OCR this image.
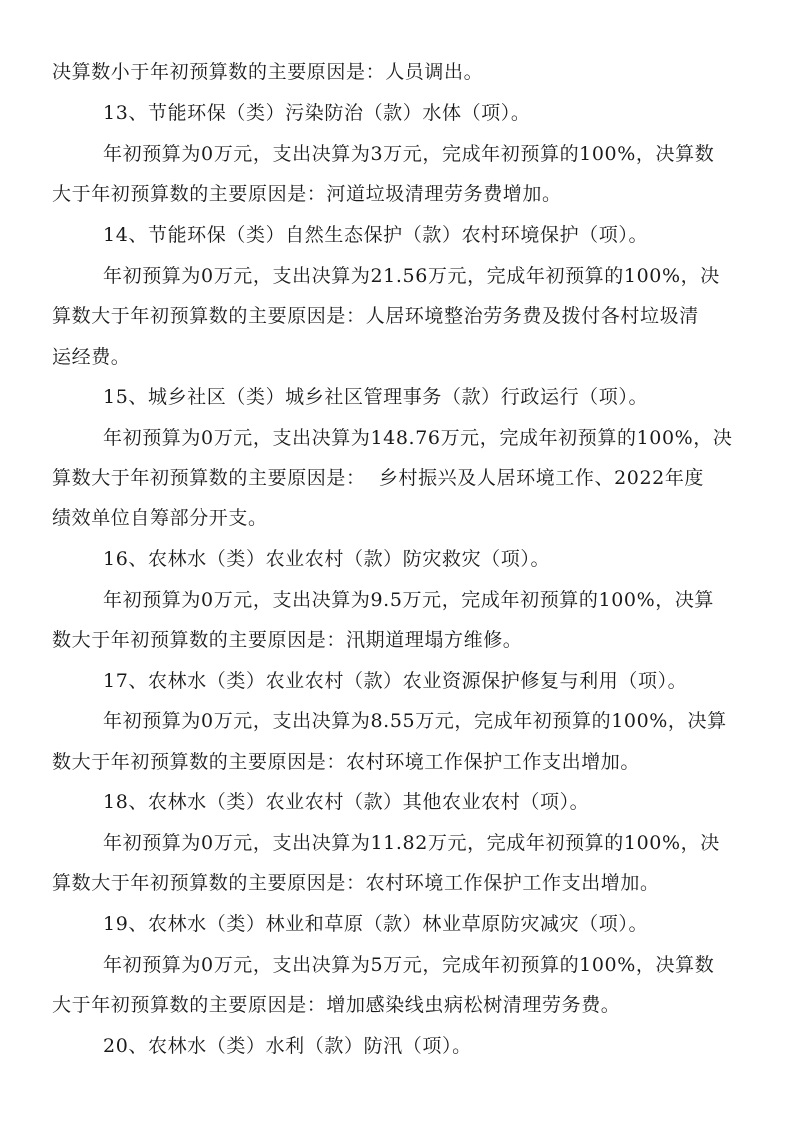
决算数小于年初预算数的主要原因是：人员调出。
13、节能环保（类）污染防治（款）水体（项）。
年初预算为0万元，支出决算为3万元，完成年初预算的100%，决算数
大于年初预算数的主要原因是：河道垃圾清理劳务费增加。
14、节能环保（类）自然生态保护（款）农村环境保护（项）。
年初预算为0万元，支出决算为21.56万元，完成年初预算的100%，决
算数大于年初预算数的主要原因是：人居环境整治劳务费及拨付各村垃圾清
运经费。
15、城乡社区（类）城乡社区管理事务（款）行政运行（项）。
年初预算为0万元，支出决算为148.76万元，完成年初预算的100%，决
算数大于年初预算数的主要原因是：  乡村振兴及人居环境工作、2022年度
绩效单位自筹部分开支。
16、农林水（类）农业农村（款）防灾救灾（项）。
年初预算为0万元，支出决算为9.5万元，完成年初预算的100%，决算
数大于年初预算数的主要原因是：汛期道理塌方维修。
17、农林水（类）农业农村（款）农业资源保护修复与利用（项）。
年初预算为0万元，支出决算为8.55万元，完成年初预算的100%，决算
数大于年初预算数的主要原因是：农村环境工作保护工作支出增加。
18、农林水（类）农业农村（款）其他农业农村（项）。
年初预算为0万元，支出决算为11.82万元，完成年初预算的100%，决
算数大于年初预算数的主要原因是：农村环境工作保护工作支出增加。
19、农林水（类）林业和草原（款）林业草原防灾减灾（项）。
年初预算为0万元，支出决算为5万元，完成年初预算的100%，决算数
大于年初预算数的主要原因是：增加感染线虫病松树清理劳务费。
20、农林水（类）水利（款）防汛（项）。
